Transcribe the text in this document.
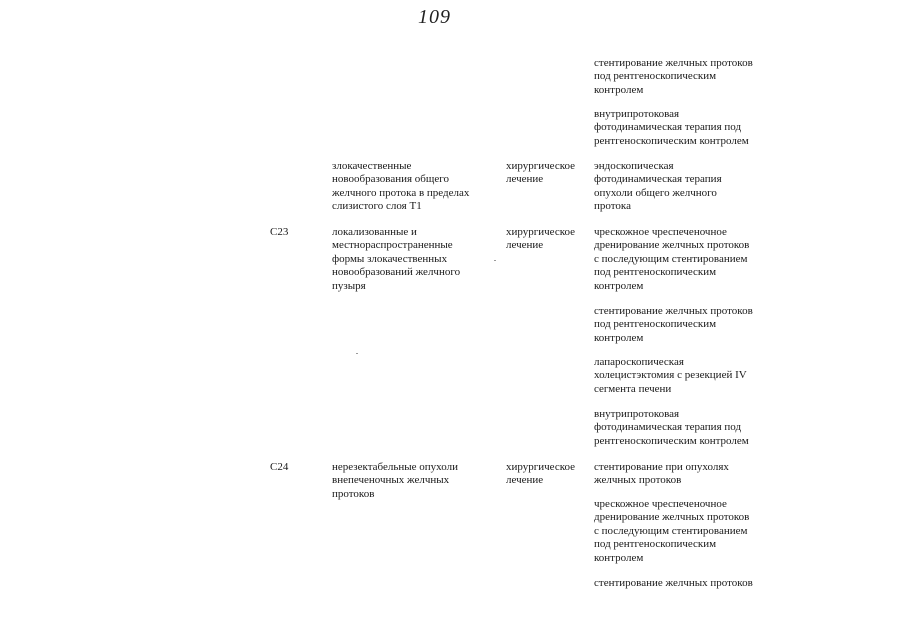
109
стентирование желчных протоков
под рентгеноскопическим
контролем
внутрипротоковая
фотодинамическая терапия под
рентгеноскопическим контролем
злокачественные
новообразования общего
желчного протока в пределах
слизистого слоя T1
хирургическое
лечение
эндоскопическая
фотодинамическая терапия
опухоли общего желчного
протока
C23	локализованные и
местнораспространенные
формы злокачественных
новообразований желчного
пузыря
хирургическое
лечение
чрескожное чреспеченочное
дренирование желчных протоков
с последующим стентированием
под рентгеноскопическим
контролем
стентирование желчных протоков
под рентгеноскопическим
контролем
лапароскопическая
холецистэктомия с резекцией IV
сегмента печени
внутрипротоковая
фотодинамическая терапия под
рентгеноскопическим контролем
C24	нерезектабельные опухоли
внепеченочных желчных
протоков
хирургическое
лечение
стентирование при опухолях
желчных протоков
чрескожное чреспеченочное
дренирование желчных протоков
с последующим стентированием
под рентгеноскопическим
контролем
стентирование желчных протоков
